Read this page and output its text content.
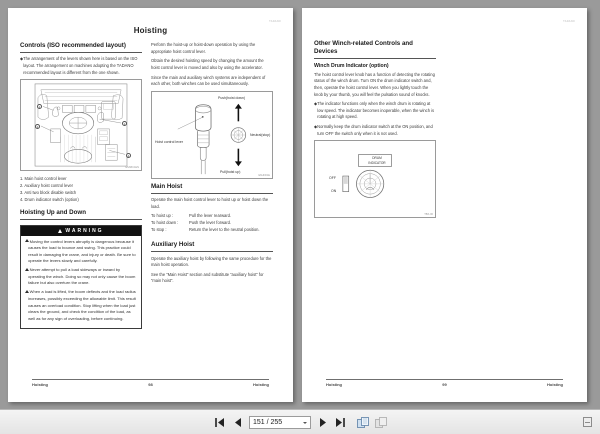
TADANO
Hoisting
Controls (ISO recommended layout)

◆The arrangement of the levers shown here is based on the ISO layout. The arrangement on machines adopting the TADANO recommended layout is different from the one shown.

2
3
1
4
E5ABC1EN
1. Main hoist control lever
2. Auxiliary hoist control lever
3. Anti two block disable switch
4. Drum indicator switch (option)
Hoisting Up and Down
WARNING

Moving the control levers abruptly is dangerous because it causes the load to bounce and swing. This practice could result in damaging the crane, and injury or death. Be sure to operate the levers slowly and carefully.

Never attempt to pull a load sideways or inward by operating the winch. Doing so may not only cause the boom failure but also overturn the crane.

When a load is lifted, the boom deflects and the load radius increases, possibly exceeding the allowable limit. This result causes an overload condition. Stop lifting when the load just clears the ground, and check the condition of the load, as well as for any sign of overloading, before continuing.

Perform the hoist-up or hoist-down operation by using the appropriate hoist control lever.

Obtain the desired hoisting speed by changing the amount the hoist control lever is moved and also by using the accelerator.

Since the main and auxiliary winch systems are independent of each other, both winches can be used simultaneously.

Hoist control lever
Push(hoist down)
Neutral(stop)
Pull(hoist up)
E6HN01E
Main Hoist

Operate the main hoist control lever to hoist up or hoist down the load.

To hoist up :	Pull the lever rearward.
To hoist down :	Push the lever forward.
To stop :	Return the lever to the neutral position.
Auxiliary Hoist

Operate the auxiliary hoist by following the same procedure for the main hoist operation.

See the “Main Hoist” section and substitute “auxiliary hoist” for “main hoist”.

Hoisting	98	Hoisting
TADANO
Other Winch-related Controls and Devices
Winch Drum Indicator (option)

The hoist control lever knob has a function of detecting the rotating status of the winch drum. Turn ON the drum indicator switch and, then, operate the hoist control lever. When you lightly touch the knob by your thumb, you will feel the pulsation sound of knocks.

◆The indicator functions only when the winch drum is rotating at low speed. The indicator becomes inoperable, when the winch is rotating at high speed.

◆Normally keep the drum indicator switch at the ON position, and turn OFF the switch only when it is not used.

DRUM
INDICATOR
OFF
ON
TBX-06
Hoisting	99	Hoisting
151 / 255
